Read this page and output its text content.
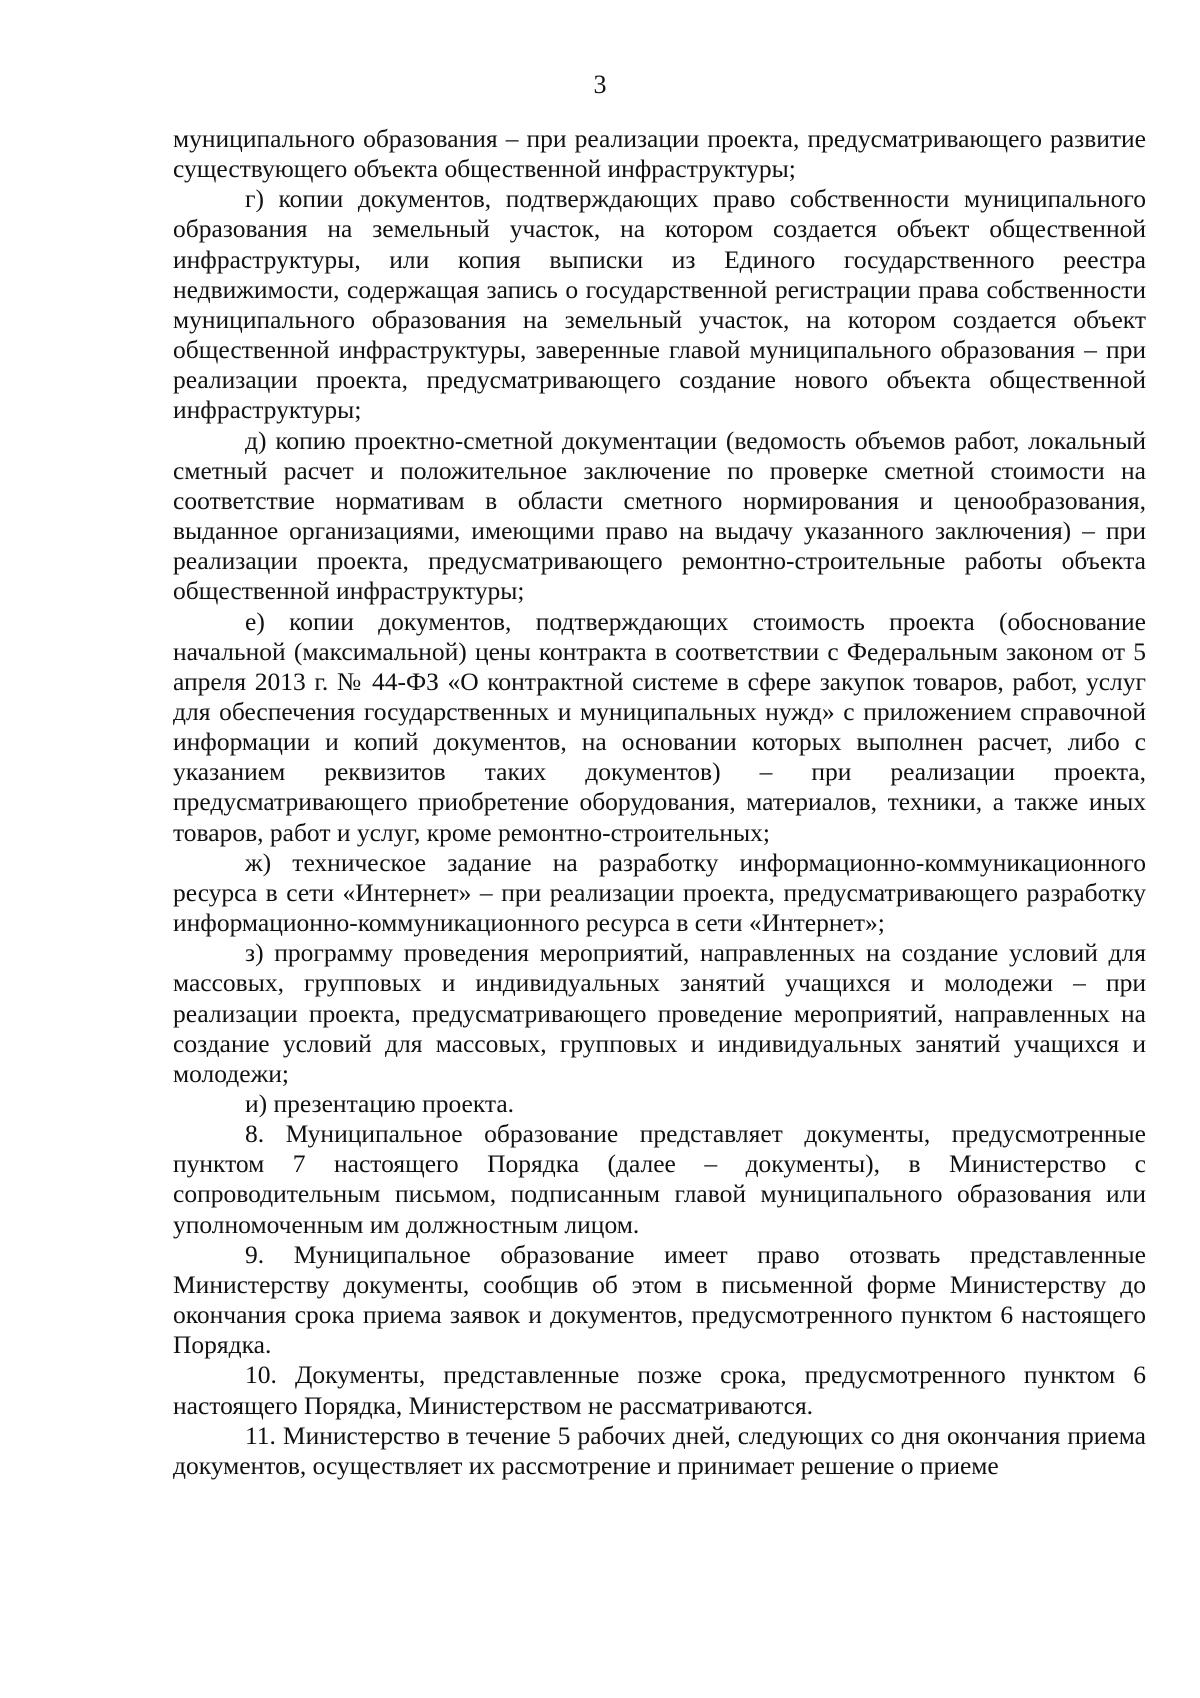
3

муниципального образования – при реализации проекта, предусматривающего развитие существующего объекта общественной инфраструктуры;

г) копии документов, подтверждающих право собственности муниципального образования на земельный участок, на котором создается объект общественной инфраструктуры, или копия выписки из Единого государственного реестра недвижимости, содержащая запись о государственной регистрации права собственности муниципального образования на земельный участок, на котором создается объект общественной инфраструктуры, заверенные главой муниципального образования – при реализации проекта, предусматривающего создание нового объекта общественной инфраструктуры;

д) копию проектно-сметной документации (ведомость объемов работ, локальный сметный расчет и положительное заключение по проверке сметной стоимости на соответствие нормативам в области сметного нормирования и ценообразования, выданное организациями, имеющими право на выдачу указанного заключения) – при реализации проекта, предусматривающего ремонтно-строительные работы объекта общественной инфраструктуры;

е) копии документов, подтверждающих стоимость проекта (обоснование начальной (максимальной) цены контракта в соответствии с Федеральным законом от 5 апреля 2013 г. № 44-ФЗ «О контрактной системе в сфере закупок товаров, работ, услуг для обеспечения государственных и муниципальных нужд» с приложением справочной информации и копий документов, на основании которых выполнен расчет, либо с указанием реквизитов таких документов) – при реализации проекта, предусматривающего приобретение оборудования, материалов, техники, а также иных товаров, работ и услуг, кроме ремонтно-строительных;

ж) техническое задание на разработку информационно-коммуникационного ресурса в сети «Интернет» – при реализации проекта, предусматривающего разработку информационно-коммуникационного ресурса в сети «Интернет»;

з) программу проведения мероприятий, направленных на создание условий для массовых, групповых и индивидуальных занятий учащихся и молодежи – при реализации проекта, предусматривающего проведение мероприятий, направленных на создание условий для массовых, групповых и индивидуальных занятий учащихся и молодежи;

и) презентацию проекта.

8. Муниципальное образование представляет документы, предусмотренные пунктом 7 настоящего Порядка (далее – документы), в Министерство с сопроводительным письмом, подписанным главой муниципального образования или уполномоченным им должностным лицом.

9. Муниципальное образование имеет право отозвать представленные Министерству документы, сообщив об этом в письменной форме Министерству до окончания срока приема заявок и документов, предусмотренного пунктом 6 настоящего Порядка.

10. Документы, представленные позже срока, предусмотренного пунктом 6 настоящего Порядка, Министерством не рассматриваются.

11. Министерство в течение 5 рабочих дней, следующих со дня окончания приема документов, осуществляет их рассмотрение и принимает решение о приеме
